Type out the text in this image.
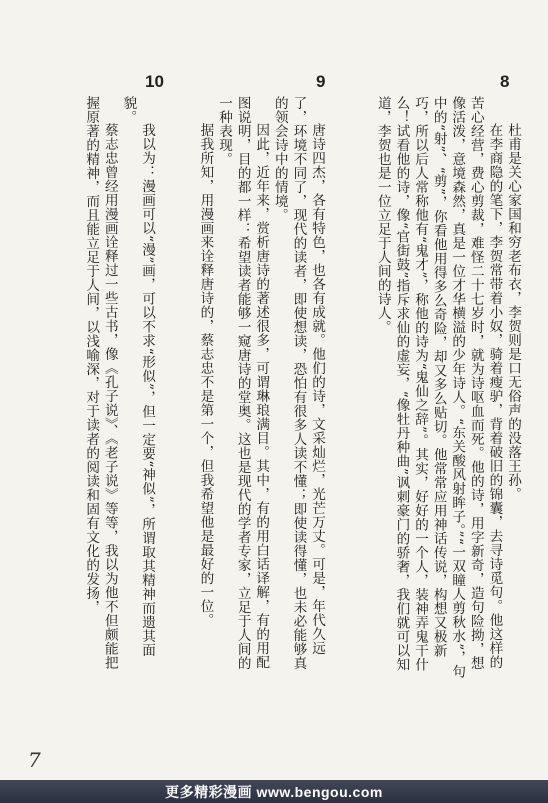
8
9
10

杜甫是关心家国和穷老布衣，李贺则是口无俗声的没落王孙。

在李商隐的笔下，李贺常带着小奴，骑着瘦驴，背着破旧的锦囊，去寻诗觅句。他这样的苦心经营，费心剪裁，难怪二十七岁时，就为诗呕血而死。他的诗，用字新奇，造句险拗，想像活泼，意境森然，真是一位才华横溢的少年诗人。“东关酸风射眸子。”“一双瞳人剪秋水”，句中的“射”、“剪”，你看他用得多么奇险，却又多么贴切。他常常应用神话传说，构想又极新巧，所以后人常称他有“鬼才”，称他的诗为“鬼仙之辞”。其实，好好的一个人，装神弄鬼干什么！试看他的诗，像“官街鼓”指斥求仙的虚妄，“像牡丹种曲”讽刺豪门的骄奢，我们就可以知道，李贺也是一位立足于人间的诗人。

唐诗四杰，各有特色，也各有成就。他们的诗，文采灿烂，光芒万丈。可是，年代久远了，环境不同了，现代的读者，即使想读，恐怕有很多人读不懂；即使读得懂，也未必能够真的领会诗中的情境。

因此，近年来，赏析唐诗的著述很多，可谓琳琅满目。其中，有的用白话译解，有的用配图说明，目的都一样：希望读者能够一窥唐诗的堂奥。这也是现代的学者专家，立足于人间的一种表现。

据我所知，用漫画来诠释唐诗的，蔡志忠不是第一个，但我希望他是最好的一位。

我以为：漫画可以“漫”画，可以不求“形似”，但一定要“神似”，所谓取其精神而遗其面貌。

蔡志忠曾经用漫画诠释过一些古书，像《孔子说》、《老子说》等等，我以为他不但颇能把握原著的精神，而且能立足于人间，以浅喻深，对于读者的阅读和固有文化的发扬，

7
更多精彩漫画 www.bengou.com
